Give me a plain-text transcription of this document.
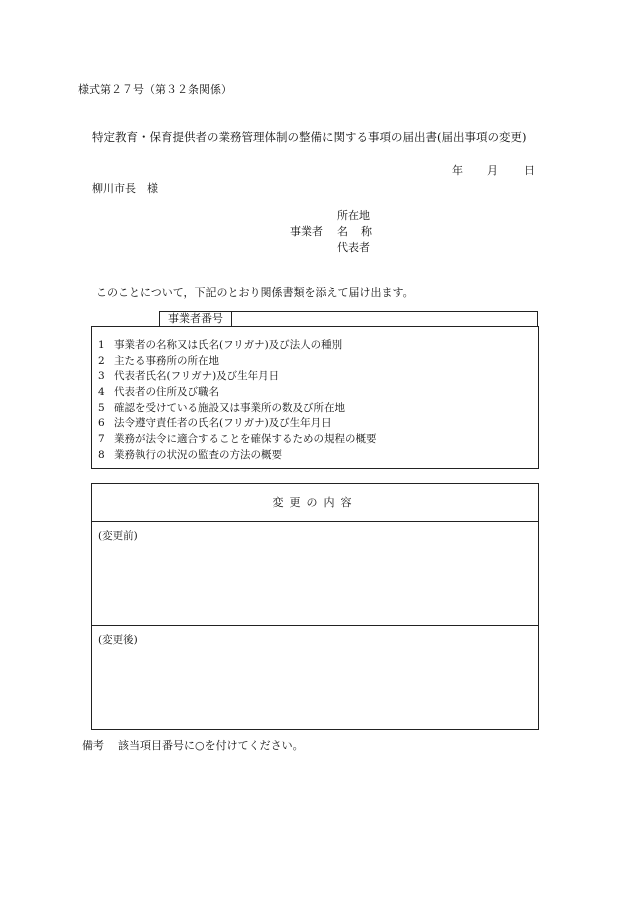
様式第２７号（第３２条関係）
特定教育・保育提供者の業務管理体制の整備に関する事項の届出書(届出事項の変更)
年 月 日
柳川市長　様
事業者
所在地
名 称
代表者
このことについて，下記のとおり関係書類を添えて届け出ます。
事業者番号
1 事業者の名称又は氏名(フリガナ)及び法人の種別
2 主たる事務所の所在地
3 代表者氏名(フリガナ)及び生年月日
4 代表者の住所及び職名
5 確認を受けている施設又は事業所の数及び所在地
6 法令遵守責任者の氏名(フリガナ)及び生年月日
7 業務が法令に適合することを確保するための規程の概要
8 業務執行の状況の監査の方法の概要
変更の内容
(変更前)
(変更後)
備考 該当項目番号に○を付けてください。
